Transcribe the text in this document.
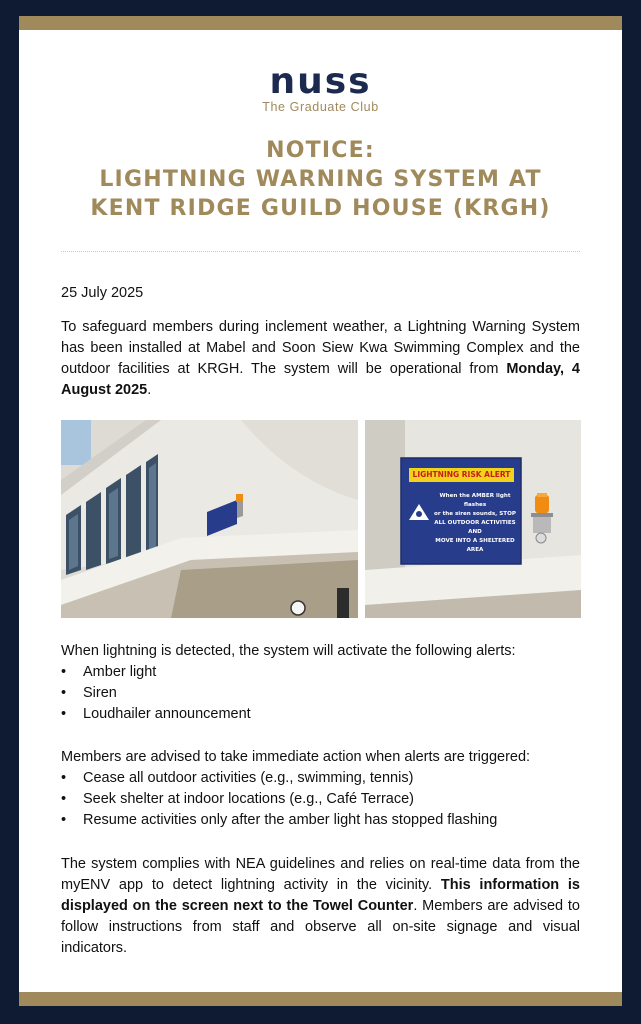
nuss
The Graduate Club
NOTICE:
LIGHTNING WARNING SYSTEM AT
KENT RIDGE GUILD HOUSE (KRGH)
25 July 2025
To safeguard members during inclement weather, a Lightning Warning System has been installed at Mabel and Soon Siew Kwa Swimming Complex and the outdoor facilities at KRGH. The system will be operational from Monday, 4 August 2025.
LIGHTNING RISK ALERT
When the AMBER light flashes
or the siren sounds, STOP
ALL OUTDOOR ACTIVITIES AND
MOVE INTO A SHELTERED AREA
When lightning is detected, the system will activate the following alerts:
• Amber light
• Siren
• Loudhailer announcement
Members are advised to take immediate action when alerts are triggered:
• Cease all outdoor activities (e.g., swimming, tennis)
• Seek shelter at indoor locations (e.g., Café Terrace)
• Resume activities only after the amber light has stopped flashing
The system complies with NEA guidelines and relies on real-time data from the myENV app to detect lightning activity in the vicinity. This information is displayed on the screen next to the Towel Counter. Members are advised to follow instructions from staff and observe all on-site signage and visual indicators.
